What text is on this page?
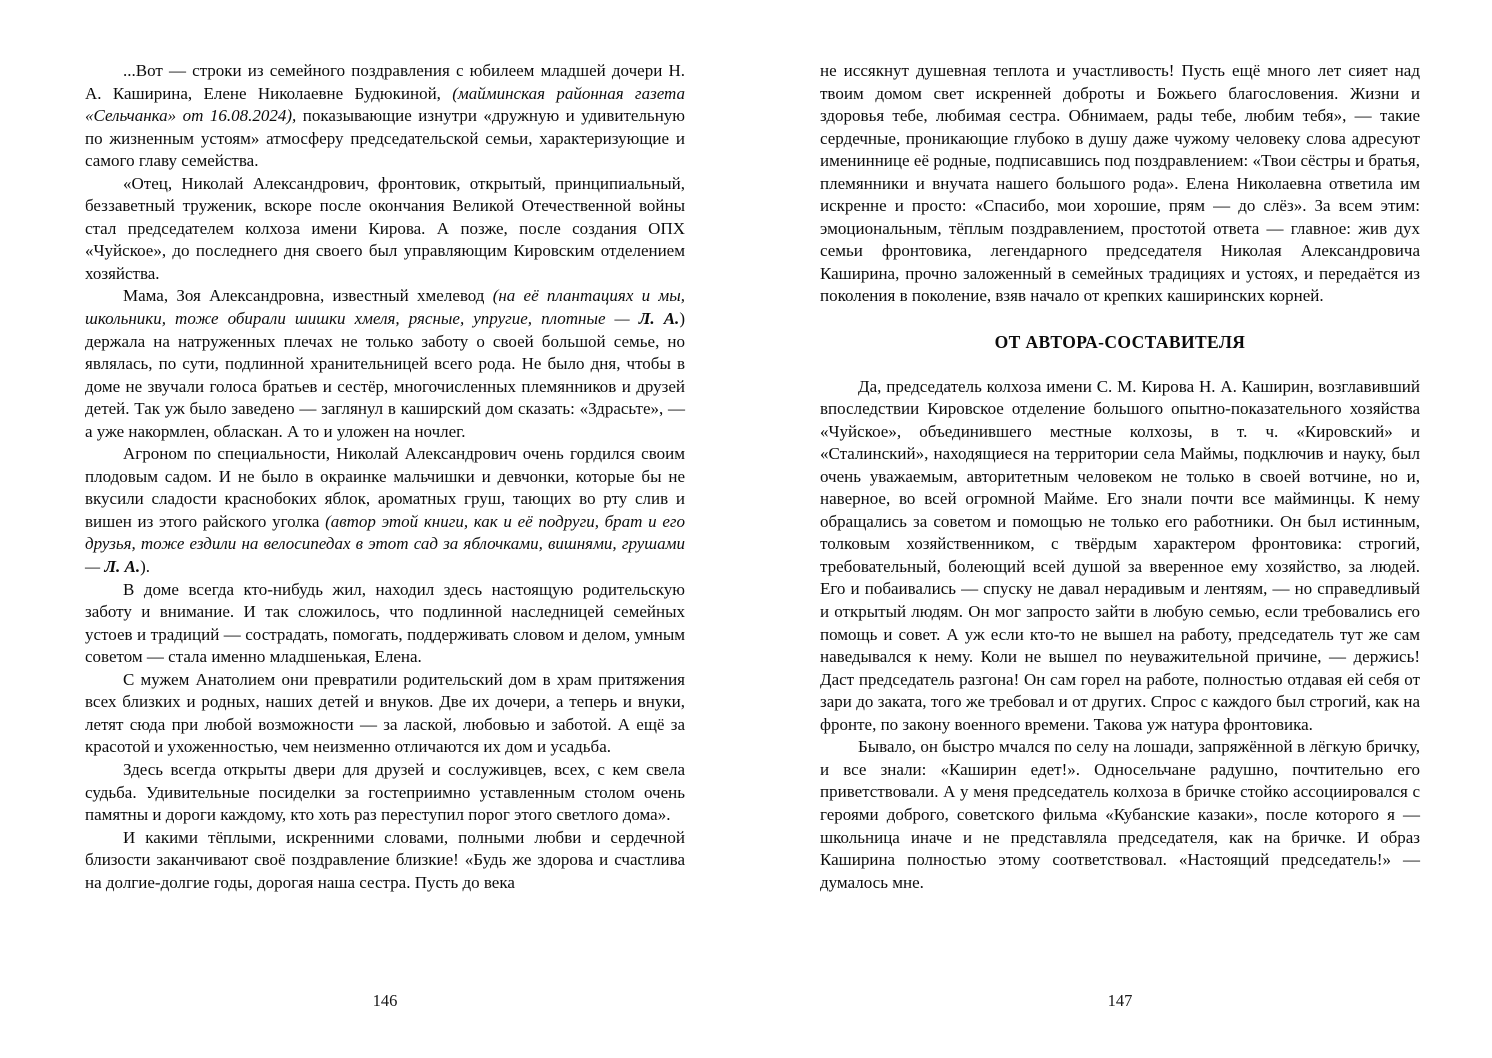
...Вот — строки из семейного поздравления с юбилеем младшей дочери Н. А. Каширина, Елене Николаевне Будюкиной, (майминская районная газета «Сельчанка» от 16.08.2024), показывающие изнутри «дружную и удивительную по жизненным устоям» атмосферу председательской семьи, характеризующие и самого главу семейства.

«Отец, Николай Александрович, фронтовик, открытый, принципиальный, беззаветный труженик, вскоре после окончания Великой Отечественной войны стал председателем колхоза имени Кирова. А позже, после создания ОПХ «Чуйское», до последнего дня своего был управляющим Кировским отделением хозяйства.

Мама, Зоя Александровна, известный хмелевод (на её плантациях и мы, школьники, тоже обирали шишки хмеля, рясные, упругие, плотные — Л. А.) держала на натруженных плечах не только заботу о своей большой семье, но являлась, по сути, подлинной хранительницей всего рода. Не было дня, чтобы в доме не звучали голоса братьев и сестёр, многочисленных племянников и друзей детей. Так уж было заведено — заглянул в каширский дом сказать: «Здрасьте», — а уже накормлен, обласкан. А то и уложен на ночлег.

Агроном по специальности, Николай Александрович очень гордился своим плодовым садом. И не было в окраинке мальчишки и девчонки, которые бы не вкусили сладости краснобоких яблок, ароматных груш, тающих во рту слив и вишен из этого райского уголка (автор этой книги, как и её подруги, брат и его друзья, тоже ездили на велосипедах в этот сад за яблочками, вишнями, грушами — Л. А.).

В доме всегда кто-нибудь жил, находил здесь настоящую родительскую заботу и внимание. И так сложилось, что подлинной наследницей семейных устоев и традиций — сострадать, помогать, поддерживать словом и делом, умным советом — стала именно младшенькая, Елена.

С мужем Анатолием они превратили родительский дом в храм притяжения всех близких и родных, наших детей и внуков. Две их дочери, а теперь и внуки, летят сюда при любой возможности — за лаской, любовью и заботой. А ещё за красотой и ухоженностью, чем неизменно отличаются их дом и усадьба.

Здесь всегда открыты двери для друзей и сослуживцев, всех, с кем свела судьба. Удивительные посиделки за гостеприимно уставленным столом очень памятны и дороги каждому, кто хоть раз переступил порог этого светлого дома».

И какими тёплыми, искренними словами, полными любви и сердечной близости заканчивают своё поздравление близкие! «Будь же здорова и счастлива на долгие-долгие годы, дорогая наша сестра. Пусть до века

146

не иссякнут душевная теплота и участливость! Пусть ещё много лет сияет над твоим домом свет искренней доброты и Божьего благословения. Жизни и здоровья тебе, любимая сестра. Обнимаем, рады тебе, любим тебя», — такие сердечные, проникающие глубоко в душу даже чужому человеку слова адресуют имениннице её родные, подписавшись под поздравлением: «Твои сёстры и братья, племянники и внучата нашего большого рода». Елена Николаевна ответила им искренне и просто: «Спасибо, мои хорошие, прям — до слёз». За всем этим: эмоциональным, тёплым поздравлением, простотой ответа — главное: жив дух семьи фронтовика, легендарного председателя Николая Александровича Каширина, прочно заложенный в семейных традициях и устоях, и передаётся из поколения в поколение, взяв начало от крепких каширинских корней.

ОТ АВТОРА-СОСТАВИТЕЛЯ

Да, председатель колхоза имени С. М. Кирова Н. А. Каширин, возглавивший впоследствии Кировское отделение большого опытно-показательного хозяйства «Чуйское», объединившего местные колхозы, в т. ч. «Кировский» и «Сталинский», находящиеся на территории села Маймы, подключив и науку, был очень уважаемым, авторитетным человеком не только в своей вотчине, но и, наверное, во всей огромной Майме. Его знали почти все майминцы. К нему обращались за советом и помощью не только его работники. Он был истинным, толковым хозяйственником, с твёрдым характером фронтовика: строгий, требовательный, болеющий всей душой за вверенное ему хозяйство, за людей. Его и побаивались — спуску не давал нерадивым и лентяям, — но справедливый и открытый людям. Он мог запросто зайти в любую семью, если требовались его помощь и совет. А уж если кто-то не вышел на работу, председатель тут же сам наведывался к нему. Коли не вышел по неуважительной причине, — держись! Даст председатель разгона! Он сам горел на работе, полностью отдавая ей себя от зари до заката, того же требовал и от других. Спрос с каждого был строгий, как на фронте, по закону военного времени. Такова уж натура фронтовика.

Бывало, он быстро мчался по селу на лошади, запряжённой в лёгкую бричку, и все знали: «Каширин едет!». Односельчане радушно, почтительно его приветствовали. А у меня председатель колхоза в бричке стойко ассоциировался с героями доброго, советского фильма «Кубанские казаки», после которого я — школьница иначе и не представляла председателя, как на бричке. И образ Каширина полностью этому соответствовал. «Настоящий председатель!» — думалось мне.

147
